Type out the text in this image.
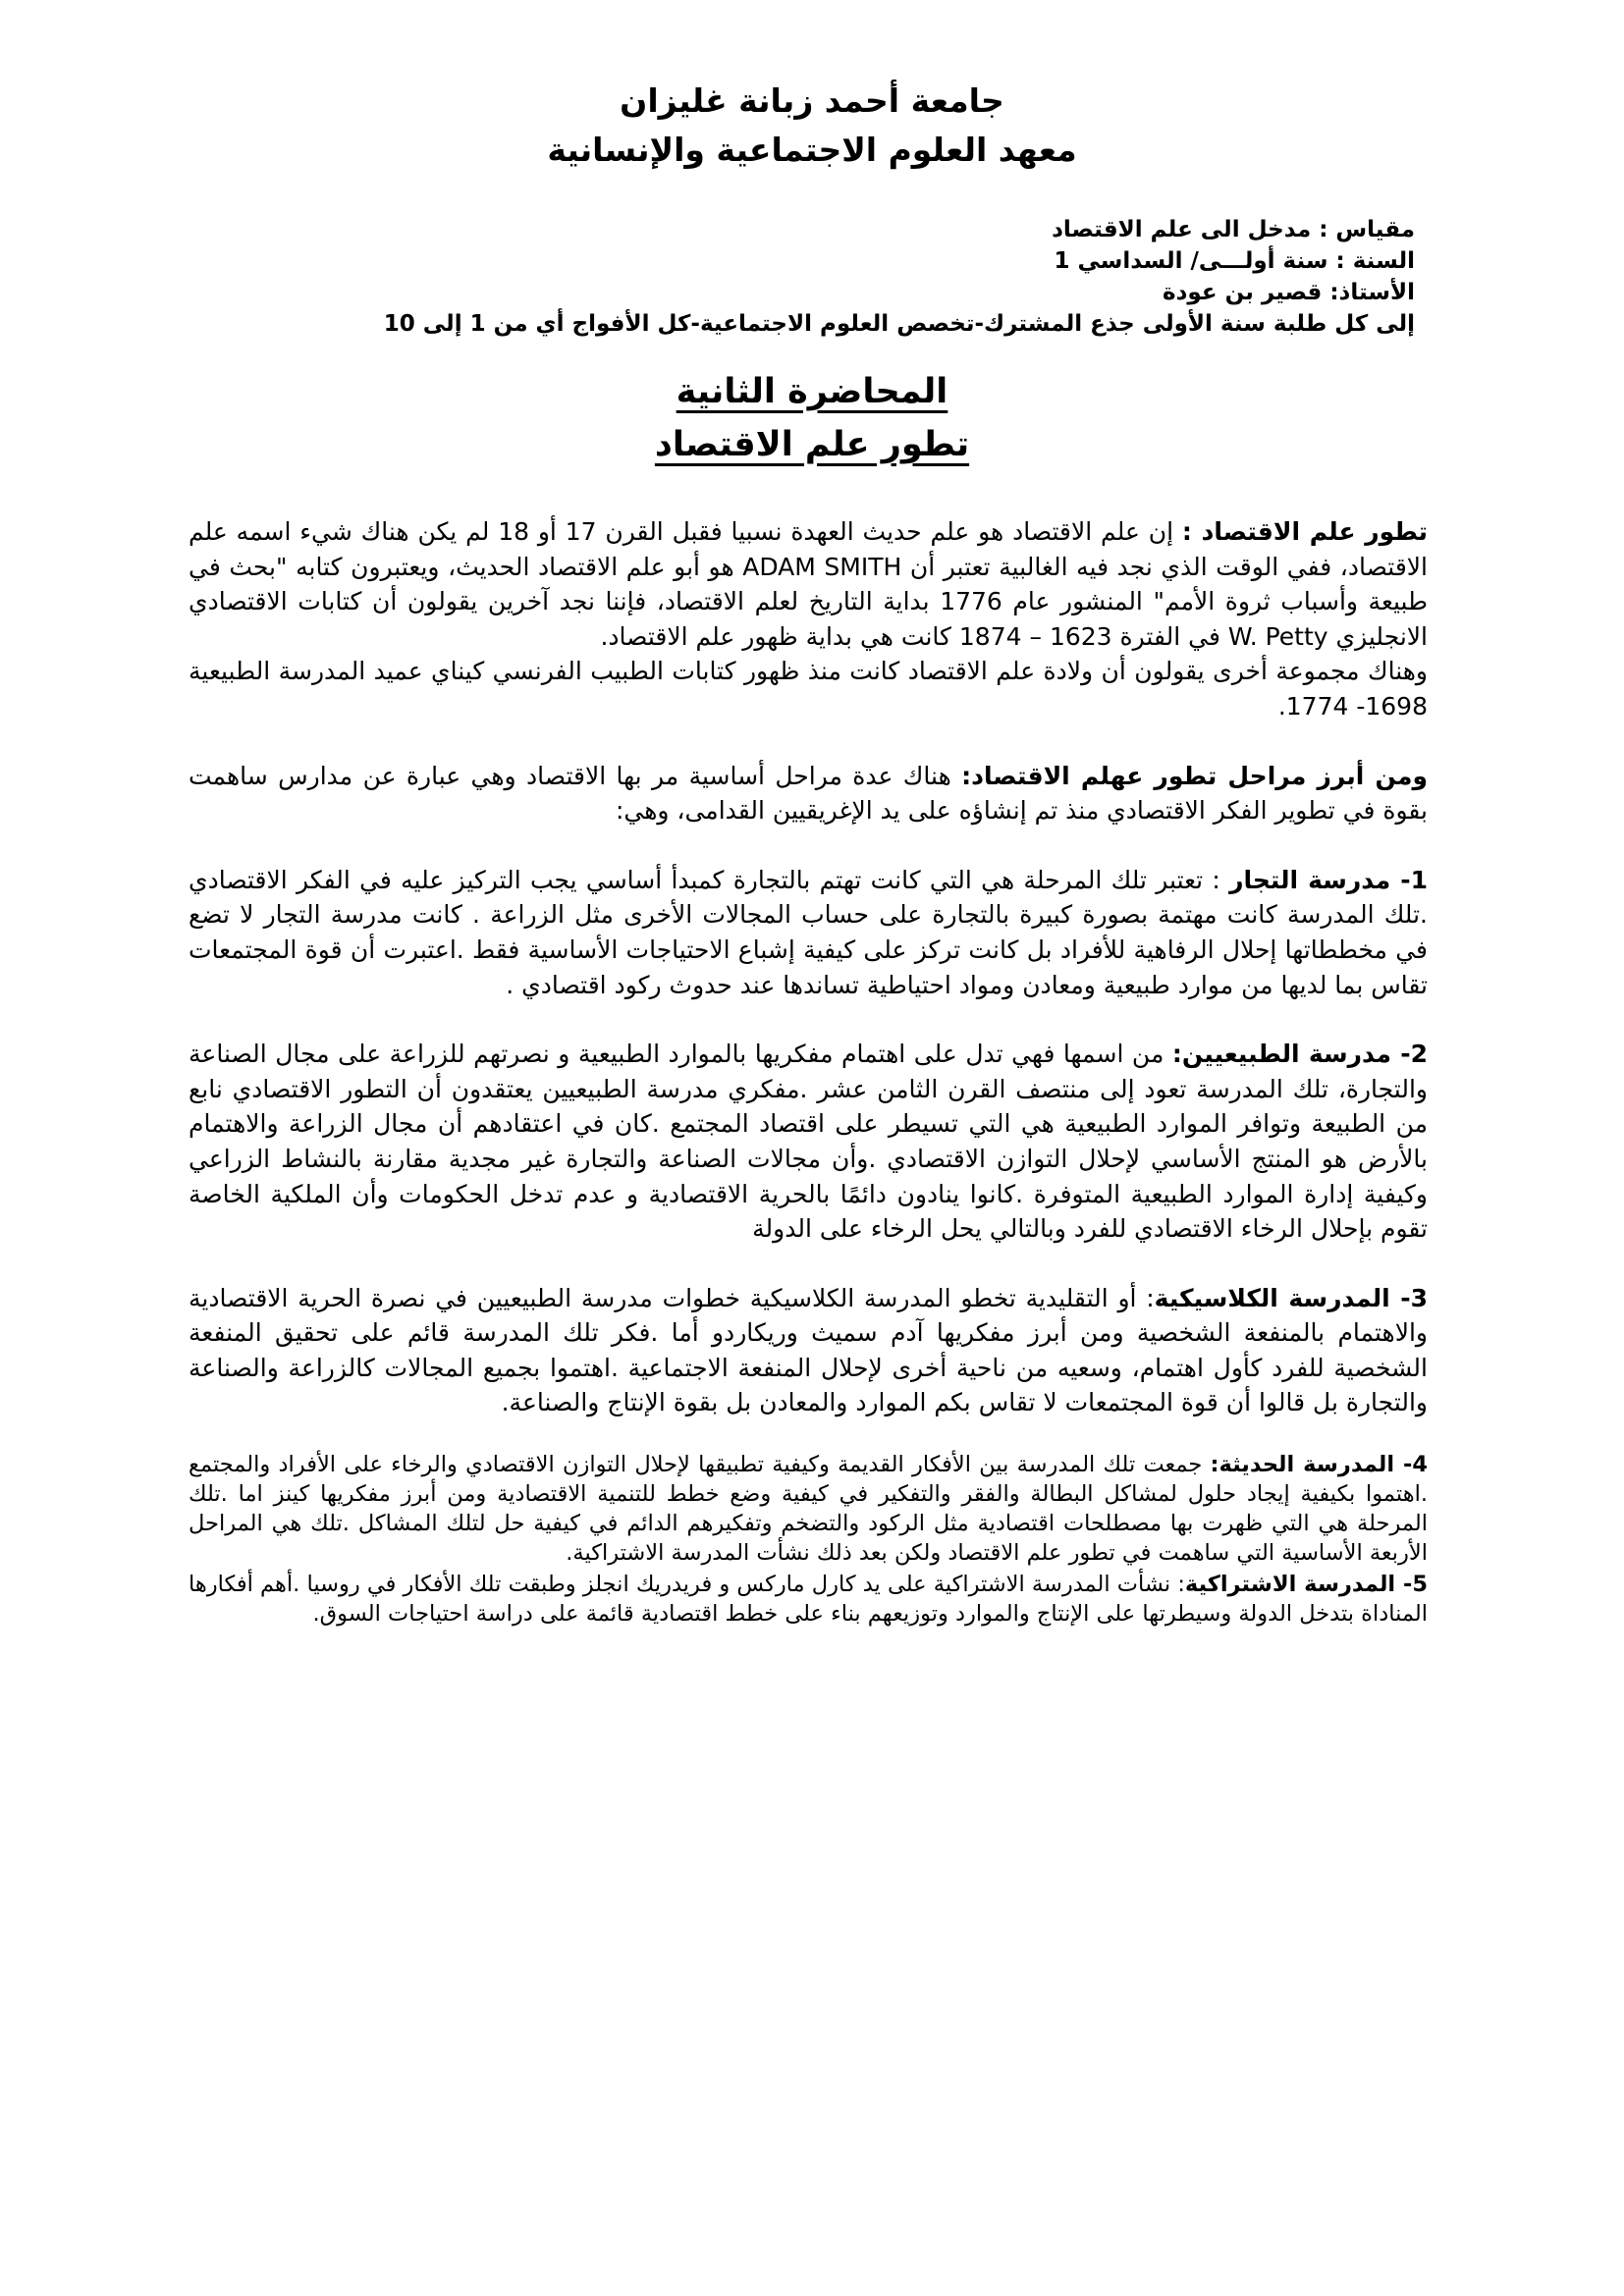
جامعة أحمد زبانة غليزان
معهد العلوم الاجتماعية والإنسانية
مقياس : مدخل الى علم الاقتصاد
السنة : سنة أولـــى/ السداسي 1
الأستاذ: قصير بن عودة
إلى كل طلبة سنة الأولى جذع المشترك-تخصص العلوم الاجتماعية-كل الأفواج أي من 1 إلى 10
المحاضرة الثانية
تطور علم الاقتصاد

تطور علم الاقتصاد : إن علم الاقتصاد هو علم حديث العهدة نسبيا فقبل القرن 17 أو 18 لم يكن هناك شيء اسمه علم الاقتصاد، ففي الوقت الذي نجد فيه الغالبية تعتبر أن ADAM SMITH هو أبو علم الاقتصاد الحديث، ويعتبرون كتابه "بحث في طبيعة وأسباب ثروة الأمم" المنشور عام 1776 بداية التاريخ لعلم الاقتصاد، فإننا نجد آخرين يقولون أن كتابات الاقتصادي الانجليزي W. Petty في الفترة 1623 – 1874 كانت هي بداية ظهور علم الاقتصاد.

وهناك مجموعة أخرى يقولون أن ولادة علم الاقتصاد كانت منذ ظهور كتابات الطبيب الفرنسي كيناي عميد المدرسة الطبيعية 1698- 1774.

ومن أبرز مراحل تطور عهلم الاقتصاد: هناك عدة مراحل أساسية مر بها الاقتصاد وهي عبارة عن مدارس ساهمت بقوة في تطوير الفكر الاقتصادي منذ تم إنشاؤه على يد الإغريقيين القدامى، وهي:

1- مدرسة التجار : تعتبر تلك المرحلة هي التي كانت تهتم بالتجارة كمبدأ أساسي يجب التركيز عليه في الفكر الاقتصادي .تلك المدرسة كانت مهتمة بصورة كبيرة بالتجارة على حساب المجالات الأخرى مثل الزراعة . كانت مدرسة التجار لا تضع في مخططاتها إحلال الرفاهية للأفراد بل كانت تركز على كيفية إشباع الاحتياجات الأساسية فقط .اعتبرت أن قوة المجتمعات تقاس بما لديها من موارد طبيعية ومعادن ومواد احتياطية تساندها عند حدوث ركود اقتصادي .

2- مدرسة الطبيعيين: من اسمها فهي تدل على اهتمام مفكريها بالموارد الطبيعية و نصرتهم للزراعة على مجال الصناعة والتجارة، تلك المدرسة تعود إلى منتصف القرن الثامن عشر .مفكري مدرسة الطبيعيين يعتقدون أن التطور الاقتصادي نابع من الطبيعة وتوافر الموارد الطبيعية هي التي تسيطر على اقتصاد المجتمع .كان في اعتقادهم أن مجال الزراعة والاهتمام بالأرض هو المنتج الأساسي لإحلال التوازن الاقتصادي .وأن مجالات الصناعة والتجارة غير مجدية مقارنة بالنشاط الزراعي وكيفية إدارة الموارد الطبيعية المتوفرة .كانوا ينادون دائمًا بالحرية الاقتصادية و عدم تدخل الحكومات وأن الملكية الخاصة تقوم بإحلال الرخاء الاقتصادي للفرد وبالتالي يحل الرخاء على الدولة

3- المدرسة الكلاسيكية: أو التقليدية تخطو المدرسة الكلاسيكية خطوات مدرسة الطبيعيين في نصرة الحرية الاقتصادية والاهتمام بالمنفعة الشخصية ومن أبرز مفكريها آدم سميث وريكاردو أما .فكر تلك المدرسة قائم على تحقيق المنفعة الشخصية للفرد كأول اهتمام، وسعيه من ناحية أخرى لإحلال المنفعة الاجتماعية .اهتموا بجميع المجالات كالزراعة والصناعة والتجارة بل قالوا أن قوة المجتمعات لا تقاس بكم الموارد والمعادن بل بقوة الإنتاج والصناعة.

4- المدرسة الحديثة: جمعت تلك المدرسة بين الأفكار القديمة وكيفية تطبيقها لإحلال التوازن الاقتصادي والرخاء على الأفراد والمجتمع .اهتموا بكيفية إيجاد حلول لمشاكل البطالة والفقر والتفكير في كيفية وضع خطط للتنمية الاقتصادية ومن أبرز مفكريها كينز اما .تلك المرحلة هي التي ظهرت بها مصطلحات اقتصادية مثل الركود والتضخم وتفكيرهم الدائم في كيفية حل لتلك المشاكل .تلك هي المراحل الأربعة الأساسية التي ساهمت في تطور علم الاقتصاد ولكن بعد ذلك نشأت المدرسة الاشتراكية.

5- المدرسة الاشتراكية: نشأت المدرسة الاشتراكية على يد كارل ماركس و فريدريك انجلز وطبقت تلك الأفكار في روسيا .أهم أفكارها المناداة بتدخل الدولة وسيطرتها على الإنتاج والموارد وتوزيعهم بناء على خطط اقتصادية قائمة على دراسة احتياجات السوق.
